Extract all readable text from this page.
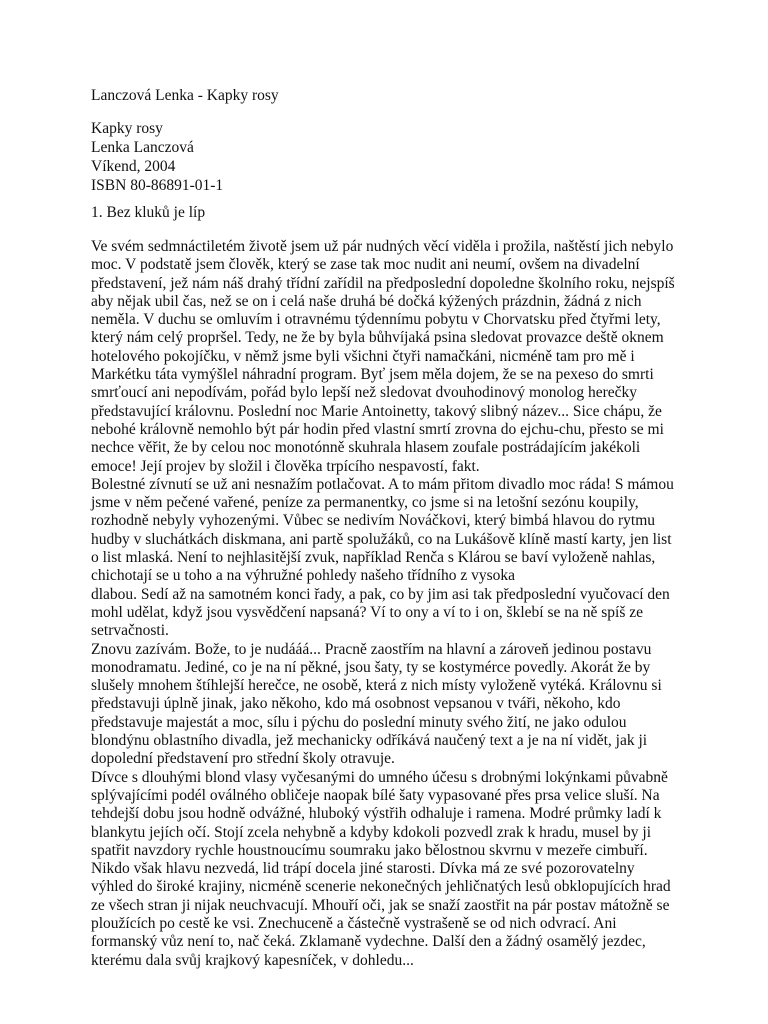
Lanczová Lenka - Kapky rosy
Kapky rosy
Lenka Lanczová
Víkend, 2004
ISBN 80-86891-01-1
1. Bez kluků je líp
Ve svém sedmnáctiletém životě jsem už pár nudných věcí viděla i prožila, naštěstí jich nebylo
moc. V podstatě jsem člověk, který se zase tak moc nudit ani neumí, ovšem na divadelní
představení, jež nám náš drahý třídní zařídil na předposlední dopoledne školního roku, nejspíš
aby nějak ubil čas, než se on i celá naše druhá bé dočká kýžených prázdnin, žádná z nich
neměla. V duchu se omluvím i otravnému týdennímu pobytu v Chorvatsku před čtyřmi lety,
který nám celý propršel. Tedy, ne že by byla bůhvíjaká psina sledovat provazce deště oknem
hotelového pokojíčku, v němž jsme byli všichni čtyři namačkáni, nicméně tam pro mě i
Markétku táta vymýšlel náhradní program. Byť jsem měla dojem, že se na pexeso do smrti
smrťoucí ani nepodívám, pořád bylo lepší než sledovat dvouhodinový monolog herečky
představující královnu. Poslední noc Marie Antoinetty, takový slibný název... Sice chápu, že
nebohé královně nemohlo být pár hodin před vlastní smrtí zrovna do ejchu-chu, přesto se mi
nechce věřit, že by celou noc monotónně skuhrala hlasem zoufale postrádajícím jakékoli
emoce! Její projev by složil i člověka trpícího nespavostí, fakt.
Bolestné zívnutí se už ani nesnažím potlačovat. A to mám přitom divadlo moc ráda! S mámou
jsme v něm pečené vařené, peníze za permanentky, co jsme si na letošní sezónu koupily,
rozhodně nebyly vyhozenými. Vůbec se nedivím Nováčkovi, který bimbá hlavou do rytmu
hudby v sluchátkách diskmana, ani partě spolužáků, co na Lukášově klíně mastí karty, jen list
o list mlaská. Není to nejhlasitější zvuk, například Renča s Klárou se baví vyloženě nahlas,
chichotají se u toho a na výhružné pohledy našeho třídního z vysoka
dlabou. Sedí až na samotném konci řady, a pak, co by jim asi tak předposlední vyučovací den
mohl udělat, když jsou vysvědčení napsaná? Ví to ony a ví to i on, šklebí se na ně spíš ze
setrvačnosti.
Znovu zazívám. Bože, to je nudááá... Pracně zaostřím na hlavní a zároveň jedinou postavu
monodramatu. Jediné, co je na ní pěkné, jsou šaty, ty se kostymérce povedly. Akorát že by
slušely mnohem štíhlejší herečce, ne osobě, která z nich místy vyloženě vytéká. Královnu si
představuji úplně jinak, jako někoho, kdo má osobnost vepsanou v tváři, někoho, kdo
představuje majestát a moc, sílu i pýchu do poslední minuty svého žití, ne jako odulou
blondýnu oblastního divadla, jež mechanicky odříkává naučený text a je na ní vidět, jak ji
dopolední představení pro střední školy otravuje.
Dívce s dlouhými blond vlasy vyčesanými do umného účesu s drobnými lokýnkami půvabně
splývajícími podél oválného obličeje naopak bílé šaty vypasované přes prsa velice sluší. Na
tehdejší dobu jsou hodně odvážné, hluboký výstřih odhaluje i ramena. Modré průmky ladí k
blankytu jejích očí. Stojí zcela nehybně a kdyby kdokoli pozvedl zrak k hradu, musel by ji
spatřit navzdory rychle houstnoucímu soumraku jako bělostnou skvrnu v mezeře cimbuří.
Nikdo však hlavu nezvedá, lid trápí docela jiné starosti. Dívka má ze své pozorovatelny
výhled do široké krajiny, nicméně scenerie nekonečných jehličnatých lesů obklopujících hrad
ze všech stran ji nijak neuchvacují. Mhouří oči, jak se snaží zaostřit na pár postav mátožně se
ploužících po cestě ke vsi. Znechuceně a částečně vystrašeně se od nich odvrací. Ani
formanský vůz není to, nač čeká. Zklamaně vydechne. Další den a žádný osamělý jezdec,
kterému dala svůj krajkový kapesníček, v dohledu...
